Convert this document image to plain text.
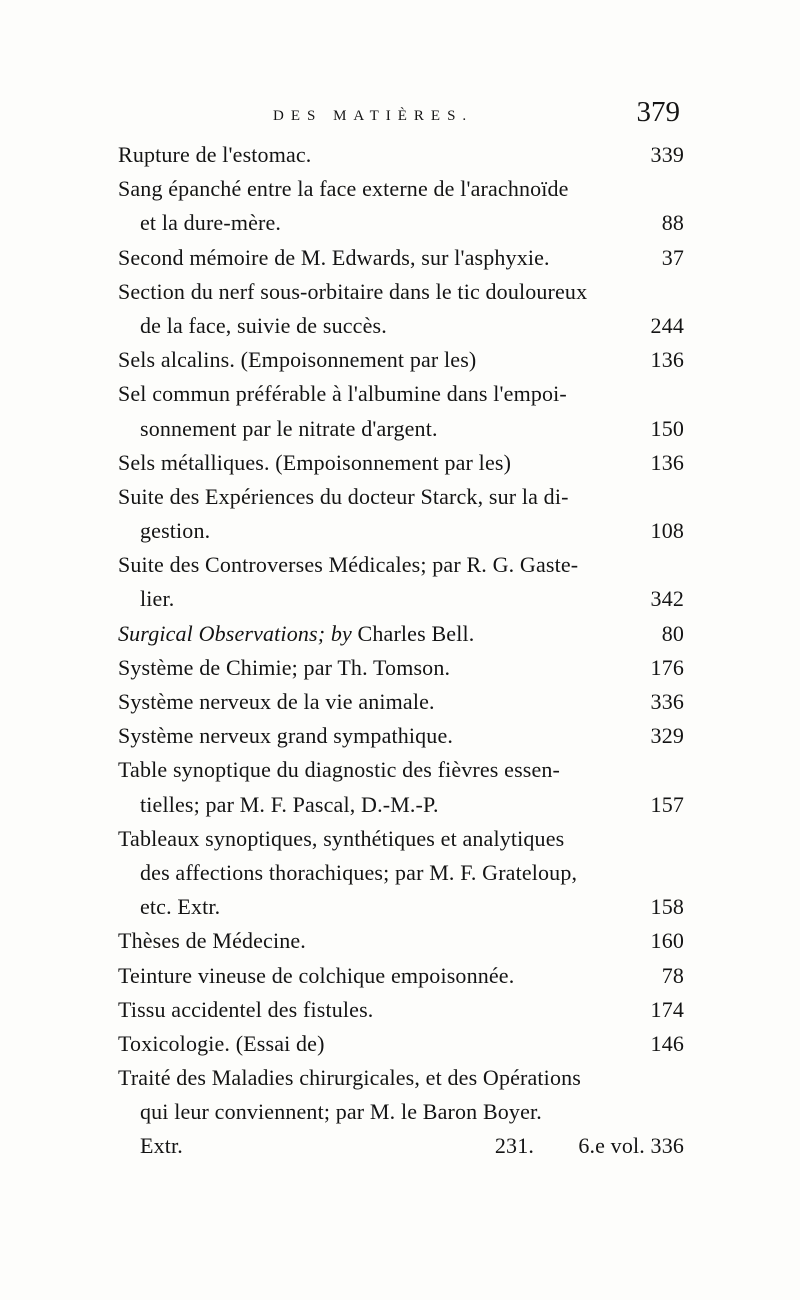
DES MATIÈRES.	379
Rupture de l'estomac.	339
Sang épanché entre la face externe de l'arachnoïde
et la dure-mère.	88
Second mémoire de M. Edwards, sur l'asphyxie.	37
Section du nerf sous-orbitaire dans le tic douloureux
de la face, suivie de succès.	244
Sels alcalins. (Empoisonnement par les)	136
Sel commun préférable à l'albumine dans l'empoi-
sonnement par le nitrate d'argent.	150
Sels métalliques. (Empoisonnement par les)	136
Suite des Expériences du docteur Starck, sur la di-
gestion.	108
Suite des Controverses Médicales; par R. G. Gaste-
lier.	342
Surgical Observations; by Charles Bell.	80
Système de Chimie; par Th. Tomson.	176
Système nerveux de la vie animale.	336
Système nerveux grand sympathique.	329
Table synoptique du diagnostic des fièvres essen-
tielles; par M. F. Pascal, D.-M.-P.	157
Tableaux synoptiques, synthétiques et analytiques
des affections thorachiques; par M. F. Grateloup,
etc. Extr.	158
Thèses de Médecine.	160
Teinture vineuse de colchique empoisonnée.	78
Tissu accidentel des fistules.	174
Toxicologie. (Essai de)	146
Traité des Maladies chirurgicales, et des Opérations
qui leur conviennent; par M. le Baron Boyer.
Extr.	231. 6.e vol. 336
